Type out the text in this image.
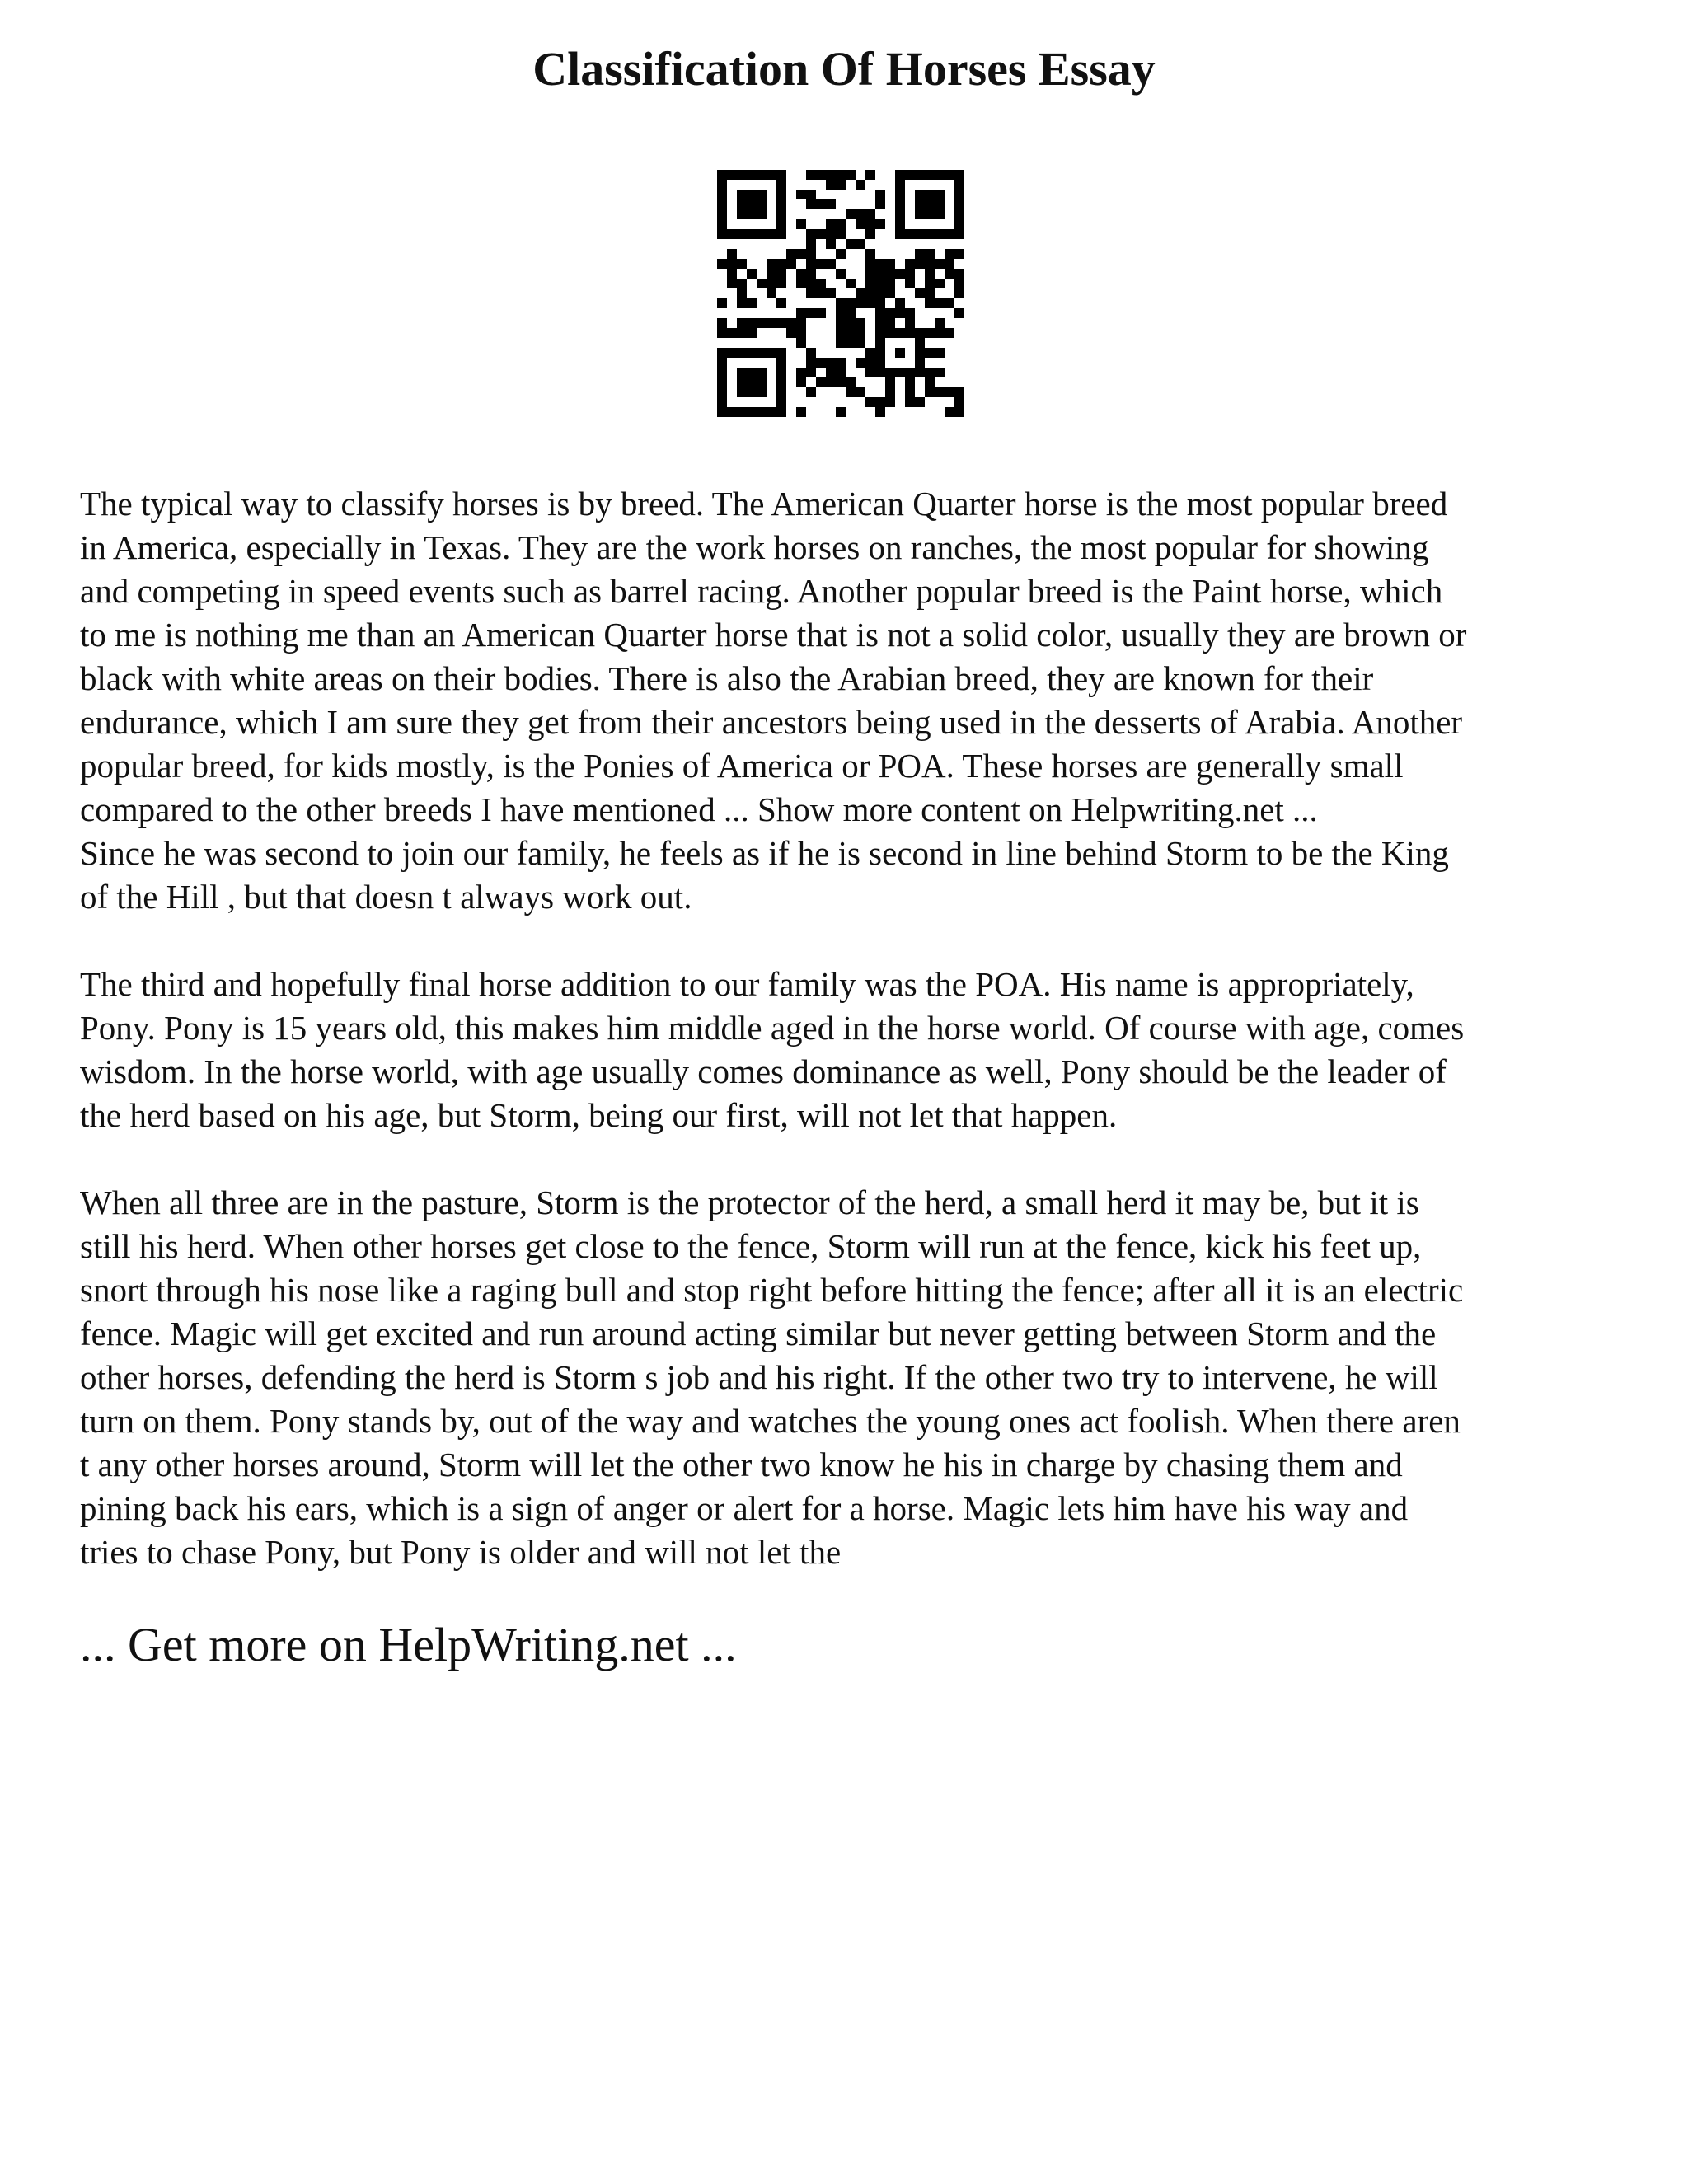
Classification Of Horses Essay

The typical way to classify horses is by breed. The American Quarter horse is the most popular breed
in America, especially in Texas. They are the work horses on ranches, the most popular for showing
and competing in speed events such as barrel racing. Another popular breed is the Paint horse, which
to me is nothing me than an American Quarter horse that is not a solid color, usually they are brown or
black with white areas on their bodies. There is also the Arabian breed, they are known for their
endurance, which I am sure they get from their ancestors being used in the desserts of Arabia. Another
popular breed, for kids mostly, is the Ponies of America or POA. These horses are generally small
compared to the other breeds I have mentioned ... Show more content on Helpwriting.net ...
Since he was second to join our family, he feels as if he is second in line behind Storm to be the King
of the Hill , but that doesn t always work out.

The third and hopefully final horse addition to our family was the POA. His name is appropriately,
Pony. Pony is 15 years old, this makes him middle aged in the horse world. Of course with age, comes
wisdom. In the horse world, with age usually comes dominance as well, Pony should be the leader of
the herd based on his age, but Storm, being our first, will not let that happen.

When all three are in the pasture, Storm is the protector of the herd, a small herd it may be, but it is
still his herd. When other horses get close to the fence, Storm will run at the fence, kick his feet up,
snort through his nose like a raging bull and stop right before hitting the fence; after all it is an electric
fence. Magic will get excited and run around acting similar but never getting between Storm and the
other horses, defending the herd is Storm s job and his right. If the other two try to intervene, he will
turn on them. Pony stands by, out of the way and watches the young ones act foolish. When there aren
t any other horses around, Storm will let the other two know he his in charge by chasing them and
pining back his ears, which is a sign of anger or alert for a horse. Magic lets him have his way and
tries to chase Pony, but Pony is older and will not let the

... Get more on HelpWriting.net ...
